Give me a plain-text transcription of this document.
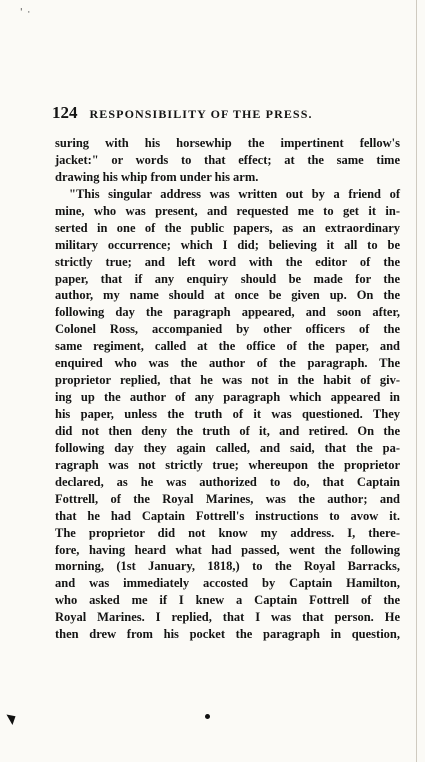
' ·
124 RESPONSIBILITY OF THE PRESS.
suring with his horsewhip the impertinent fellow's
jacket:" or words to that effect; at the same time
drawing his whip from under his arm.
"This singular address was written out by a friend of
mine, who was present, and requested me to get it in-
serted in one of the public papers, as an extraordinary
military occurrence; which I did; believing it all to be
strictly true; and left word with the editor of the
paper, that if any enquiry should be made for the
author, my name should at once be given up. On the
following day the paragraph appeared, and soon after,
Colonel Ross, accompanied by other officers of the
same regiment, called at the office of the paper, and
enquired who was the author of the paragraph. The
proprietor replied, that he was not in the habit of giv-
ing up the author of any paragraph which appeared in
his paper, unless the truth of it was questioned. They
did not then deny the truth of it, and retired. On the
following day they again called, and said, that the pa-
ragraph was not strictly true; whereupon the proprietor
declared, as he was authorized to do, that Captain
Fottrell, of the Royal Marines, was the author; and
that he had Captain Fottrell's instructions to avow it.
The proprietor did not know my address. I, there-
fore, having heard what had passed, went the following
morning, (1st January, 1818,) to the Royal Barracks,
and was immediately accosted by Captain Hamilton,
who asked me if I knew a Captain Fottrell of the
Royal Marines. I replied, that I was that person. He
then drew from his pocket the paragraph in question,
